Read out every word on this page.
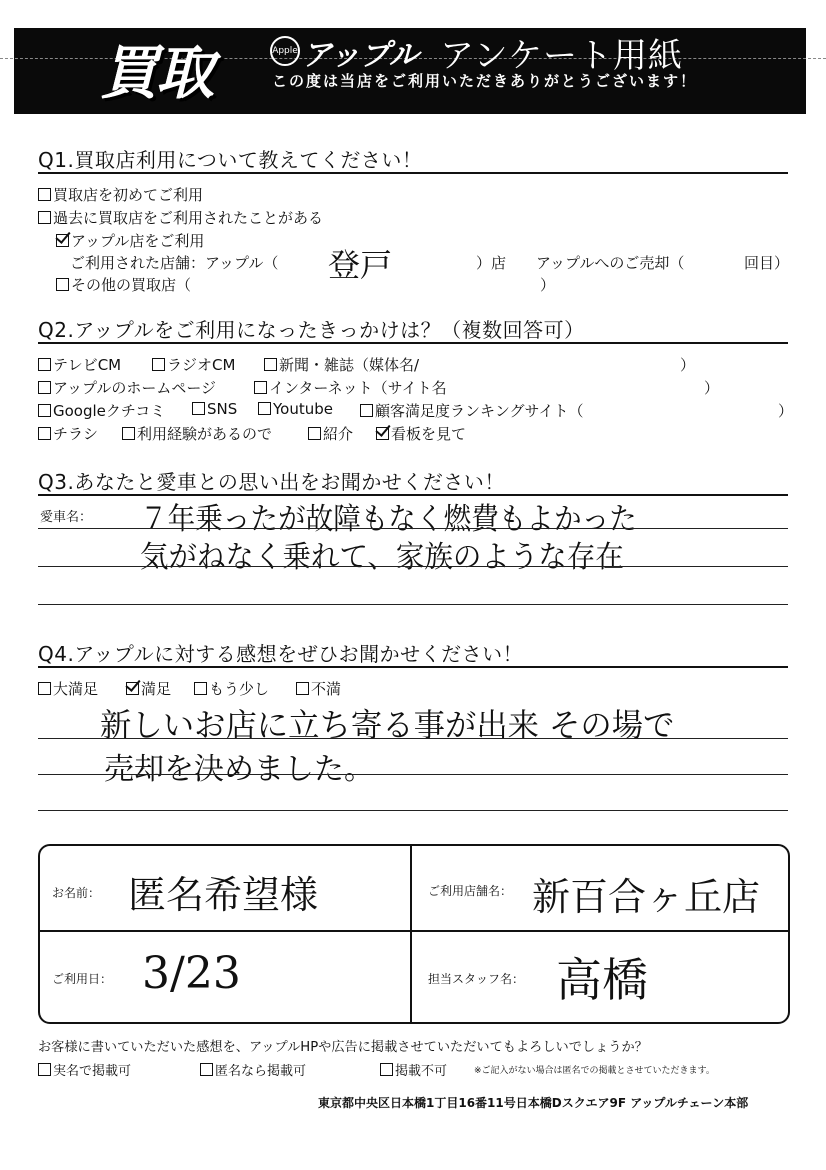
買取	Apple アップル アンケート用紙
この度は当店をご利用いただきありがとうございます！
Q1.買取店利用について教えてください！
買取店を初めてご利用
過去に買取店をご利用されたことがある
アップル店をご利用
ご利用された店舗：アップル（ 登戸	）店 アップルへのご売却（	回目）
その他の買取店（	）
Q2.アップルをご利用になったきっかけは？（複数回答可）
テレビCM	ラジオCM	新聞・雑誌（媒体名/	）
アップルのホームページ	インターネット（サイト名	）
Googleクチコミ	SNS	Youtube	顧客満足度ランキングサイト（	）
チラシ	利用経験があるので	紹介	看板を見て
Q3.あなたと愛車との思い出をお聞かせください！
愛車名： ７年乗ったが故障もなく燃費もよかった
気がねなく乗れて、家族のような存在
Q4.アップルに対する感想をぜひお聞かせください！
大満足	満足	もう少し	不満
新しいお店に立ち寄る事が出来 その場で
売却を決めました。
お名前： 匿名希望様	ご利用店舗名： 新百合ヶ丘店
ご利用日： 3/23	担当スタッフ名： 高橋
お客様に書いていただいた感想を、アップルHPや広告に掲載させていただいてもよろしいでしょうか？
実名で掲載可	匿名なら掲載可	掲載不可	※ご記入がない場合は匿名での掲載とさせていただきます。
東京都中央区日本橋1丁目16番11号日本橋Dスクエア9F アップルチェーン本部
